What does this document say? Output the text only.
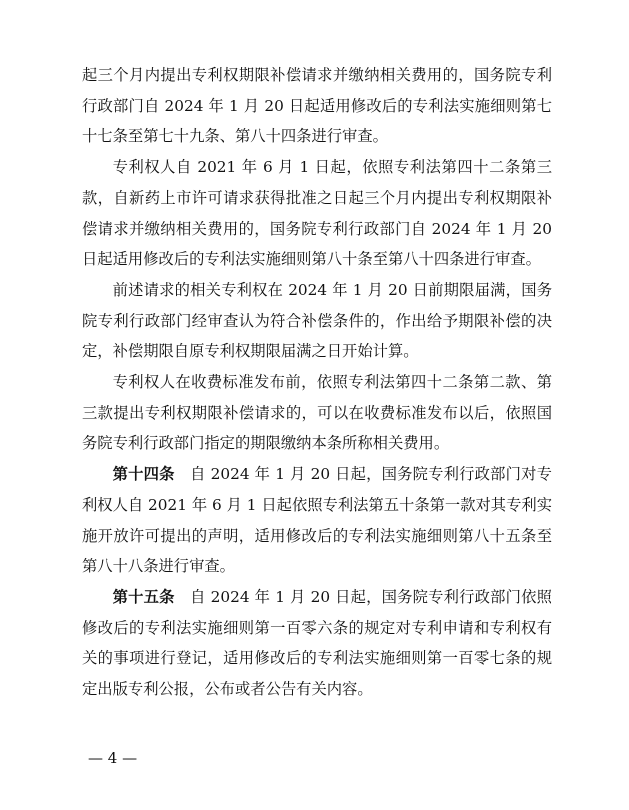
起三个月内提出专利权期限补偿请求并缴纳相关费用的，国务院专利行政部门自 2024 年 1 月 20 日起适用修改后的专利法实施细则第七十七条至第七十九条、第八十四条进行审查。

专利权人自 2021 年 6 月 1 日起，依照专利法第四十二条第三款，自新药上市许可请求获得批准之日起三个月内提出专利权期限补偿请求并缴纳相关费用的，国务院专利行政部门自 2024 年 1 月 20 日起适用修改后的专利法实施细则第八十条至第八十四条进行审查。

前述请求的相关专利权在 2024 年 1 月 20 日前期限届满，国务院专利行政部门经审查认为符合补偿条件的，作出给予期限补偿的决定，补偿期限自原专利权期限届满之日开始计算。

专利权人在收费标准发布前，依照专利法第四十二条第二款、第三款提出专利权期限补偿请求的，可以在收费标准发布以后，依照国务院专利行政部门指定的期限缴纳本条所称相关费用。

第十四条　自 2024 年 1 月 20 日起，国务院专利行政部门对专利权人自 2021 年 6 月 1 日起依照专利法第五十条第一款对其专利实施开放许可提出的声明，适用修改后的专利法实施细则第八十五条至第八十八条进行审查。

第十五条　自 2024 年 1 月 20 日起，国务院专利行政部门依照修改后的专利法实施细则第一百零六条的规定对专利申请和专利权有关的事项进行登记，适用修改后的专利法实施细则第一百零七条的规定出版专利公报，公布或者公告有关内容。

— 4 —
